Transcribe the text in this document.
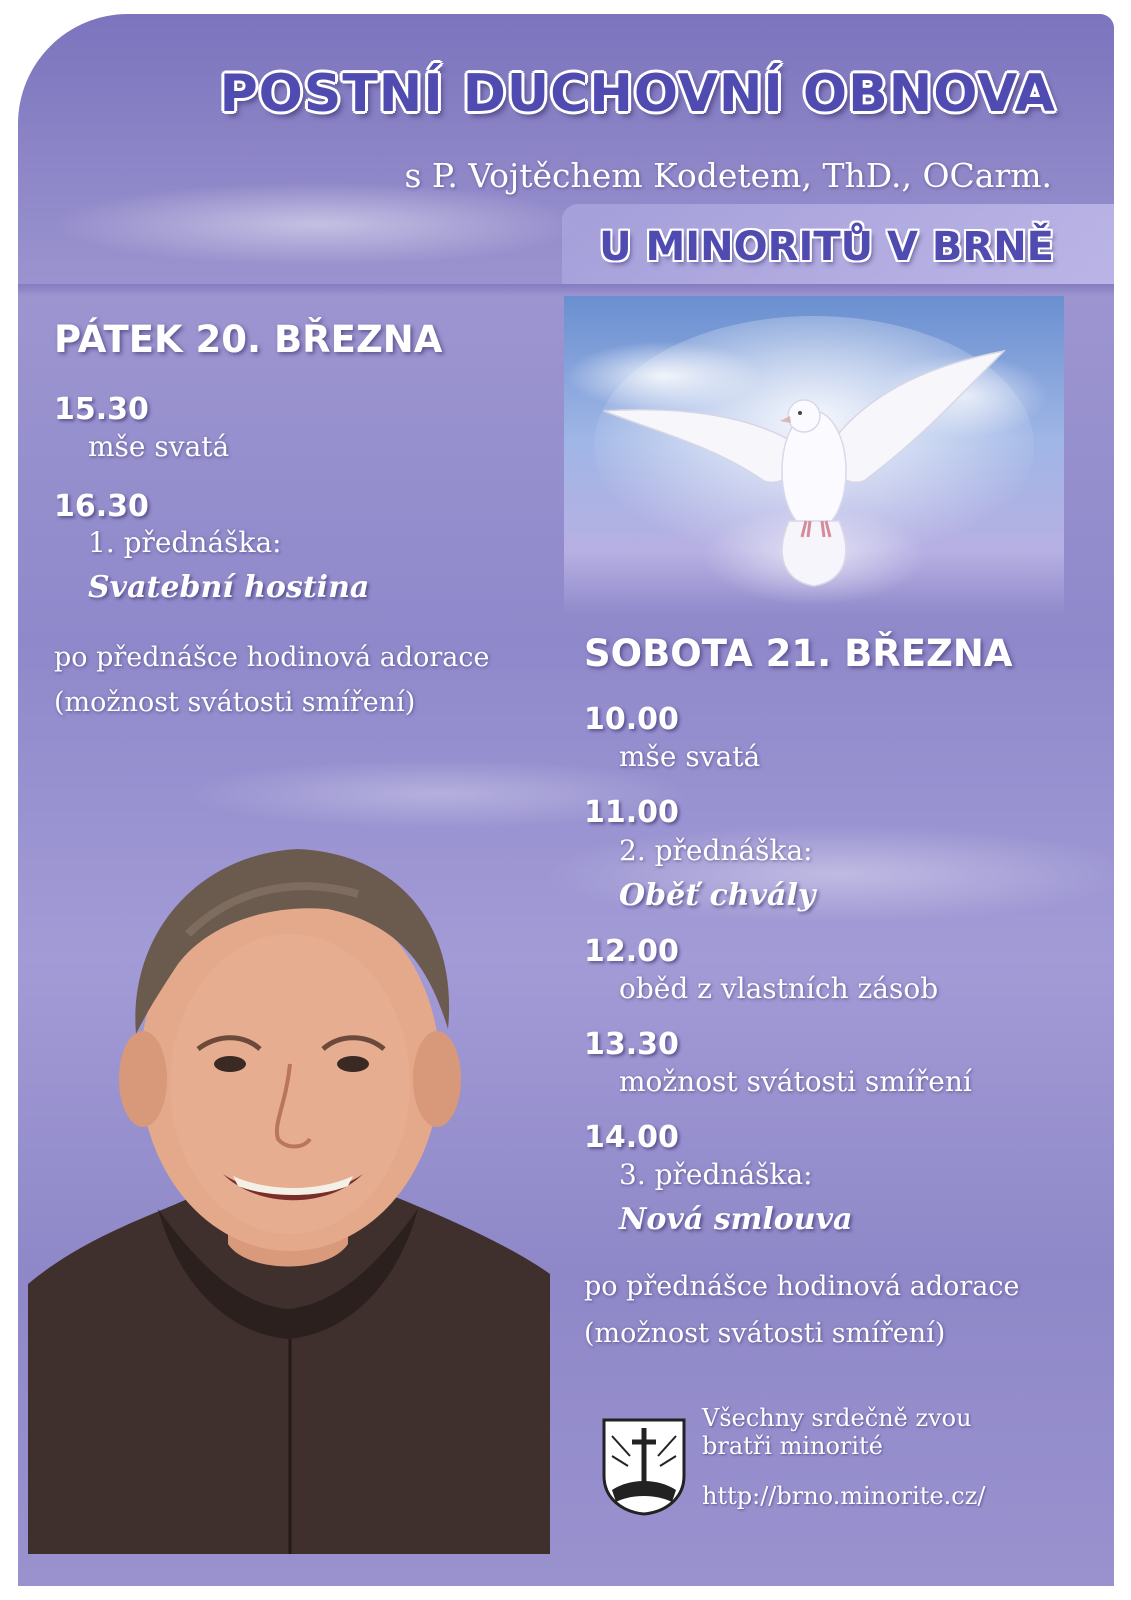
POSTNÍ DUCHOVNÍ OBNOVA

s P. Vojtěchem Kodetem, ThD., OCarm.

U MINORITŮ V BRNĚ

PÁTEK 20. BŘEZNA

15.30

mše svatá

16.30

1. přednáška:

Svatební hostina

po přednášce hodinová adorace

(možnost svátosti smíření)

SOBOTA 21. BŘEZNA

10.00

mše svatá

11.00

2. přednáška:

Oběť chvály

12.00

oběd z vlastních zásob

13.30

možnost svátosti smíření

14.00

3. přednáška:

Nová smlouva

po přednášce hodinová adorace

(možnost svátosti smíření)

Všechny srdečně zvou

bratři minorité

http://brno.minorite.cz/
